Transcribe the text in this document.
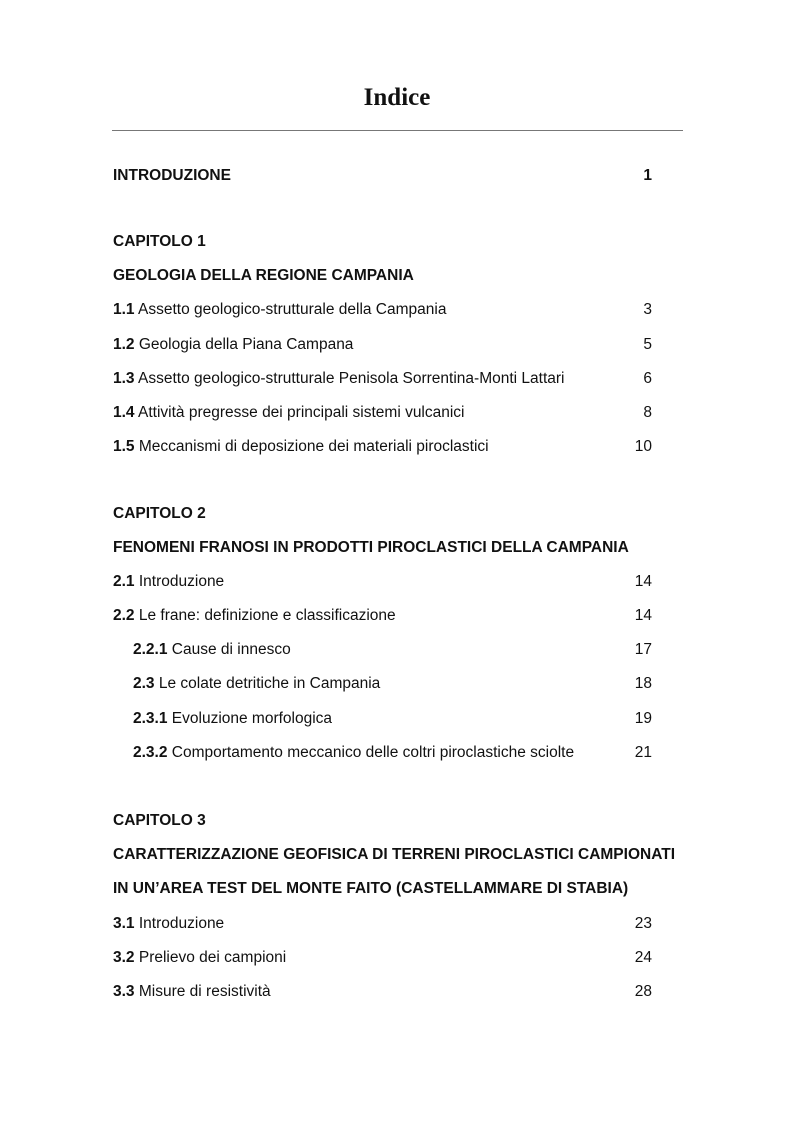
Indice
INTRODUZIONE	1
CAPITOLO 1
GEOLOGIA DELLA REGIONE CAMPANIA
1.1 Assetto geologico-strutturale della Campania	3
1.2 Geologia della Piana Campana	5
1.3 Assetto geologico-strutturale Penisola Sorrentina-Monti Lattari	6
1.4 Attività pregresse dei principali sistemi vulcanici	8
1.5 Meccanismi di deposizione dei materiali piroclastici	10
CAPITOLO 2
FENOMENI FRANOSI IN PRODOTTI PIROCLASTICI DELLA CAMPANIA
2.1 Introduzione	14
2.2 Le frane: definizione e classificazione	14
2.2.1 Cause di innesco	17
2.3 Le colate detritiche in Campania	18
2.3.1 Evoluzione morfologica	19
2.3.2 Comportamento meccanico delle coltri piroclastiche sciolte	21
CAPITOLO 3
CARATTERIZZAZIONE GEOFISICA DI TERRENI PIROCLASTICI CAMPIONATI
IN UN’AREA TEST DEL MONTE FAITO (CASTELLAMMARE DI STABIA)
3.1 Introduzione	23
3.2 Prelievo dei campioni	24
3.3 Misure di resistività	28
